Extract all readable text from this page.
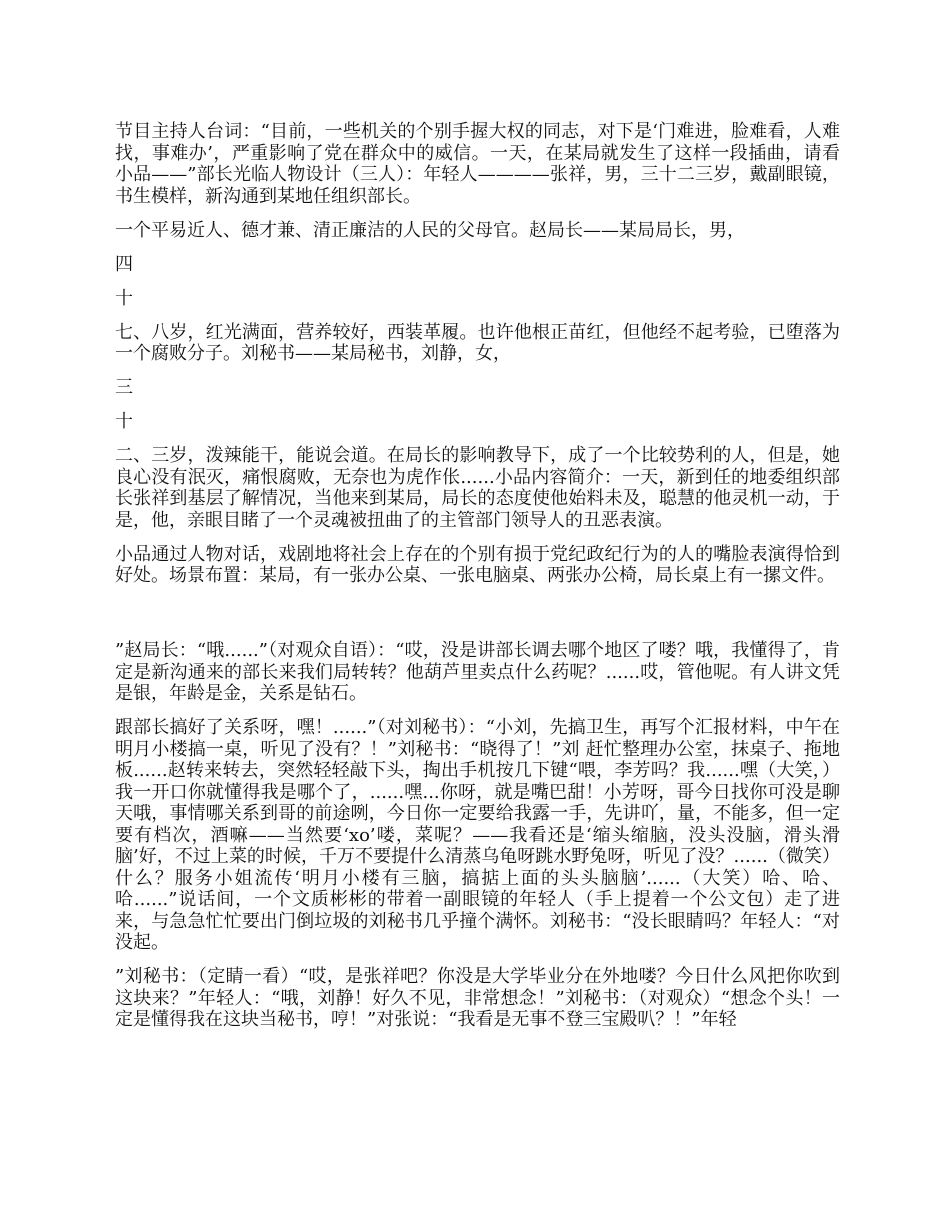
节目主持人台词：“目前，一些机关的个别手握大权的同志，对下是‘门难进，脸难看，人难找，事难办’，严重影响了党在群众中的威信。一天，在某局就发生了这样一段插曲，请看小品——”部长光临人物设计（三人）：年轻人————张祥，男，三十二三岁，戴副眼镜，书生模样，新沟通到某地任组织部长。

一个平易近人、德才兼、清正廉洁的人民的父母官。赵局长——某局局长，男，

四

十

七、八岁，红光满面，营养较好，西装革履。也许他根正苗红，但他经不起考验，已堕落为一个腐败分子。刘秘书——某局秘书，刘静，女，

三

十

二、三岁，泼辣能干，能说会道。在局长的影响教导下，成了一个比较势利的人，但是，她良心没有泯灭，痛恨腐败，无奈也为虎作伥......小品内容简介：一天，新到任的地委组织部长张祥到基层了解情况，当他来到某局，局长的态度使他始料未及，聪慧的他灵机一动，于是，他，亲眼目睹了一个灵魂被扭曲了的主管部门领导人的丑恶表演。

小品通过人物对话，戏剧地将社会上存在的个别有损于党纪政纪行为的人的嘴脸表演得恰到好处。场景布置：某局，有一张办公桌、一张电脑桌、两张办公椅，局长桌上有一摞文件。

”赵局长：“哦......”（对观众自语）：“哎，没是讲部长调去哪个地区了喽？哦，我懂得了，肯定是新沟通来的部长来我们局转转？他葫芦里卖点什么药呢？......哎，管他呢。有人讲文凭是银，年龄是金，关系是钻石。

跟部长搞好了关系呀，嘿！......”（对刘秘书）：“小刘，先搞卫生，再写个汇报材料，中午在明月小楼搞一桌，听见了没有？！”刘秘书：“晓得了！”刘 赶忙整理办公室，抹桌子、拖地板......赵转来转去，突然轻轻敲下头，掏出手机按几下键“喂，李芳吗？我......嘿（大笑，）我一开口你就懂得我是哪个了，......嘿...你呀，就是嘴巴甜！小芳呀，哥今日找你可没是聊天哦，事情哪关系到哥的前途咧，今日你一定要给我露一手，先讲吖，量，不能多，但一定要有档次，酒嘛——当然要‘xo’喽，菜呢？——我看还是‘缩头缩脑，没头没脑，滑头滑脑’好，不过上菜的时候，千万不要提什么清蒸乌龟呀跳水野兔呀，听见了没？......（微笑）什么？服务小姐流传‘明月小楼有三脑，搞掂上面的头头脑脑’......（大笑）哈、哈、哈......”说话间，一个文质彬彬的带着一副眼镜的年轻人（手上提着一个公文包）走了进来，与急急忙忙要出门倒垃圾的刘秘书几乎撞个满怀。刘秘书：“没长眼睛吗？年轻人：“对没起。

”刘秘书：（定睛一看）“哎，是张祥吧？你没是大学毕业分在外地喽？今日什么风把你吹到这块来？”年轻人：“哦，刘静！好久不见，非常想念！”刘秘书：（对观众）“想念个头！一定是懂得我在这块当秘书，哼！”对张说：“我看是无事不登三宝殿叭？！”年轻
